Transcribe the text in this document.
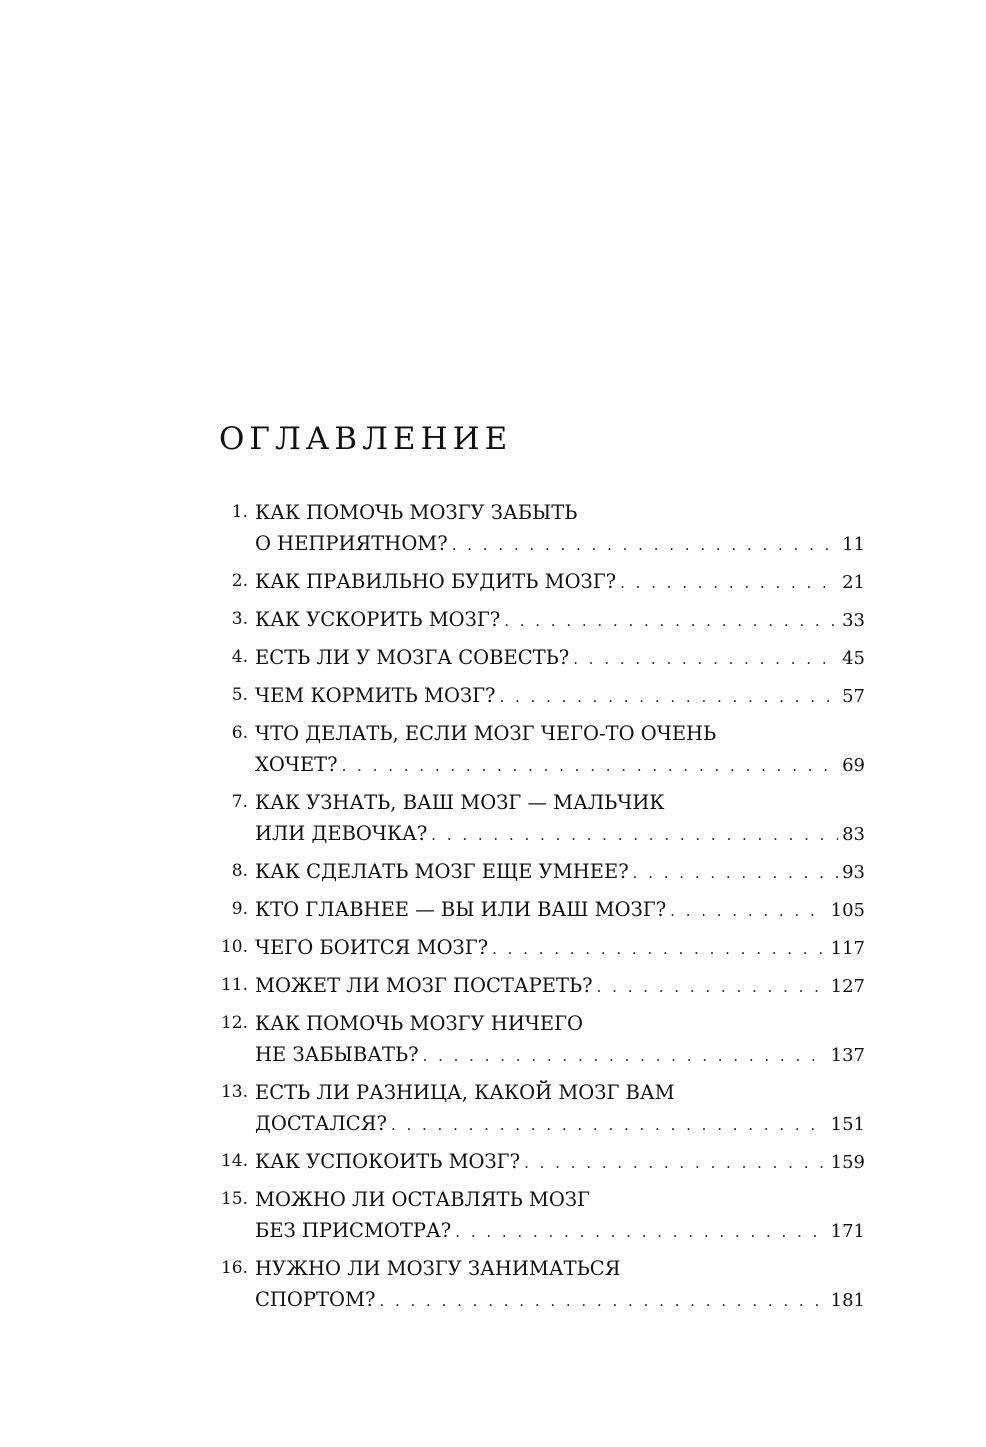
ОГЛАВЛЕНИЕ
1. КАК ПОМОЧЬ МОЗГУ ЗАБЫТЬ
О НЕПРИЯТНОМ? . . .	11
2. КАК ПРАВИЛЬНО БУДИТЬ МОЗГ? . . .	21
3. КАК УСКОРИТЬ МОЗГ? . . .	33
4. ЕСТЬ ЛИ У МОЗГА СОВЕСТЬ? . . .	45
5. ЧЕМ КОРМИТЬ МОЗГ? . . .	57
6. ЧТО ДЕЛАТЬ, ЕСЛИ МОЗГ ЧЕГО-ТО ОЧЕНЬ
ХОЧЕТ? . . .	69
7. КАК УЗНАТЬ, ВАШ МОЗГ — МАЛЬЧИК
ИЛИ ДЕВОЧКА? . . .	83
8. КАК СДЕЛАТЬ МОЗГ ЕЩЕ УМНЕЕ? . . .	93
9. КТО ГЛАВНЕЕ — ВЫ ИЛИ ВАШ МОЗГ? . . .	105
10. ЧЕГО БОИТСЯ МОЗГ? . . .	117
11. МОЖЕТ ЛИ МОЗГ ПОСТАРЕТЬ? . . .	127
12. КАК ПОМОЧЬ МОЗГУ НИЧЕГО
НЕ ЗАБЫВАТЬ? . . .	137
13. ЕСТЬ ЛИ РАЗНИЦА, КАКОЙ МОЗГ ВАМ
ДОСТАЛСЯ? . . .	151
14. КАК УСПОКОИТЬ МОЗГ? . . .	159
15. МОЖНО ЛИ ОСТАВЛЯТЬ МОЗГ
БЕЗ ПРИСМОТРА? . . .	171
16. НУЖНО ЛИ МОЗГУ ЗАНИМАТЬСЯ
СПОРТОМ? . . .	181
